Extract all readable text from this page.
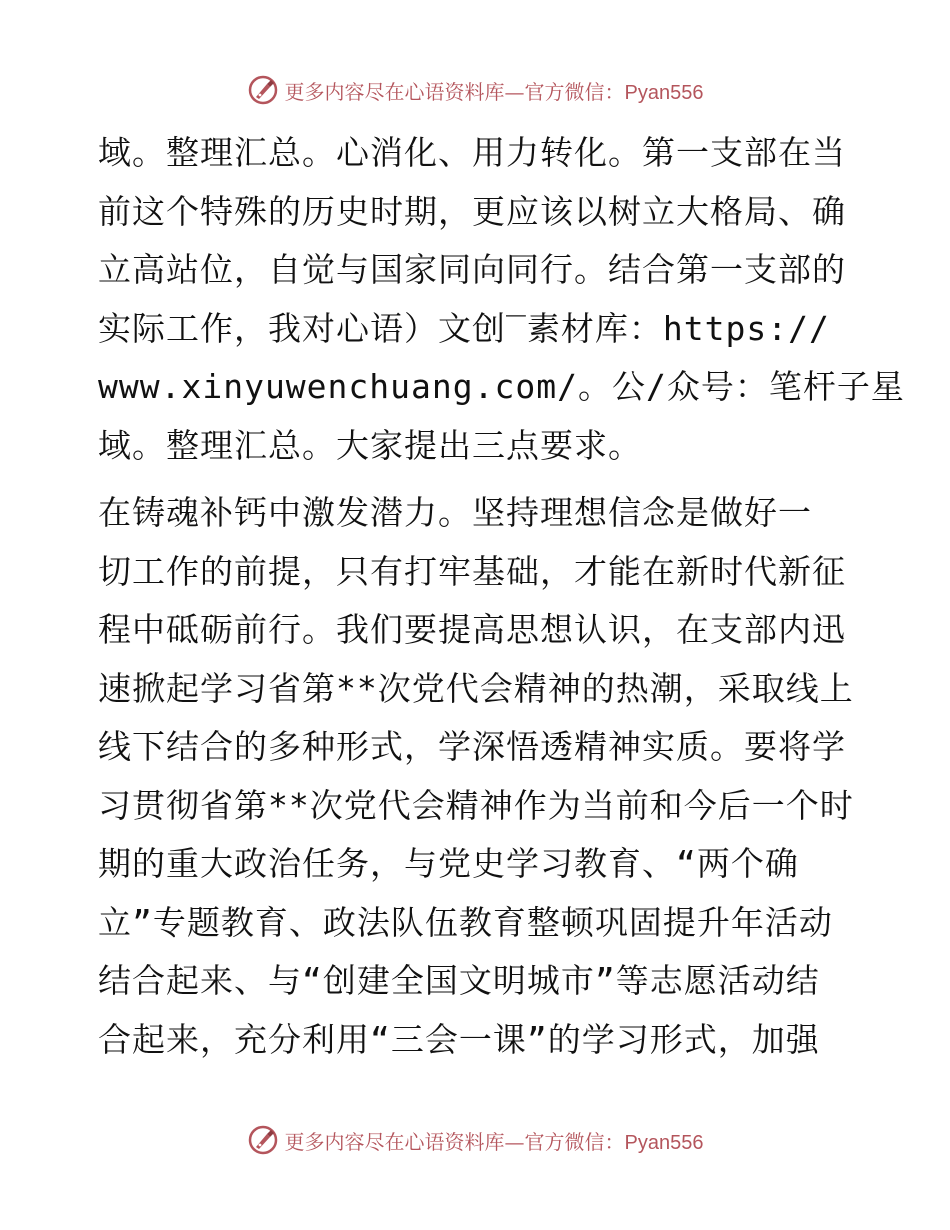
更多内容尽在心语资料库—官方微信：Pyan556
域。整理汇总。心消化、用力转化。第一支部在当
前这个特殊的历史时期，更应该以树立大格局、确
立高站位，自觉与国家同向同行。结合第一支部的
实际工作，我对心语）文创‾素材库：https://
www.xinyuwenchuang.com/。公/众号：笔杆子星
域。整理汇总。大家提出三点要求。
在铸魂补钙中激发潜力。坚持理想信念是做好一
切工作的前提，只有打牢基础，才能在新时代新征
程中砥砺前行。我们要提高思想认识，在支部内迅
速掀起学习省第**次党代会精神的热潮，采取线上
线下结合的多种形式，学深悟透精神实质。要将学
习贯彻省第**次党代会精神作为当前和今后一个时
期的重大政治任务，与党史学习教育、“两个确
立”专题教育、政法队伍教育整顿巩固提升年活动
结合起来、与“创建全国文明城市”等志愿活动结
合起来，充分利用“三会一课”的学习形式，加强
更多内容尽在心语资料库—官方微信：Pyan556
